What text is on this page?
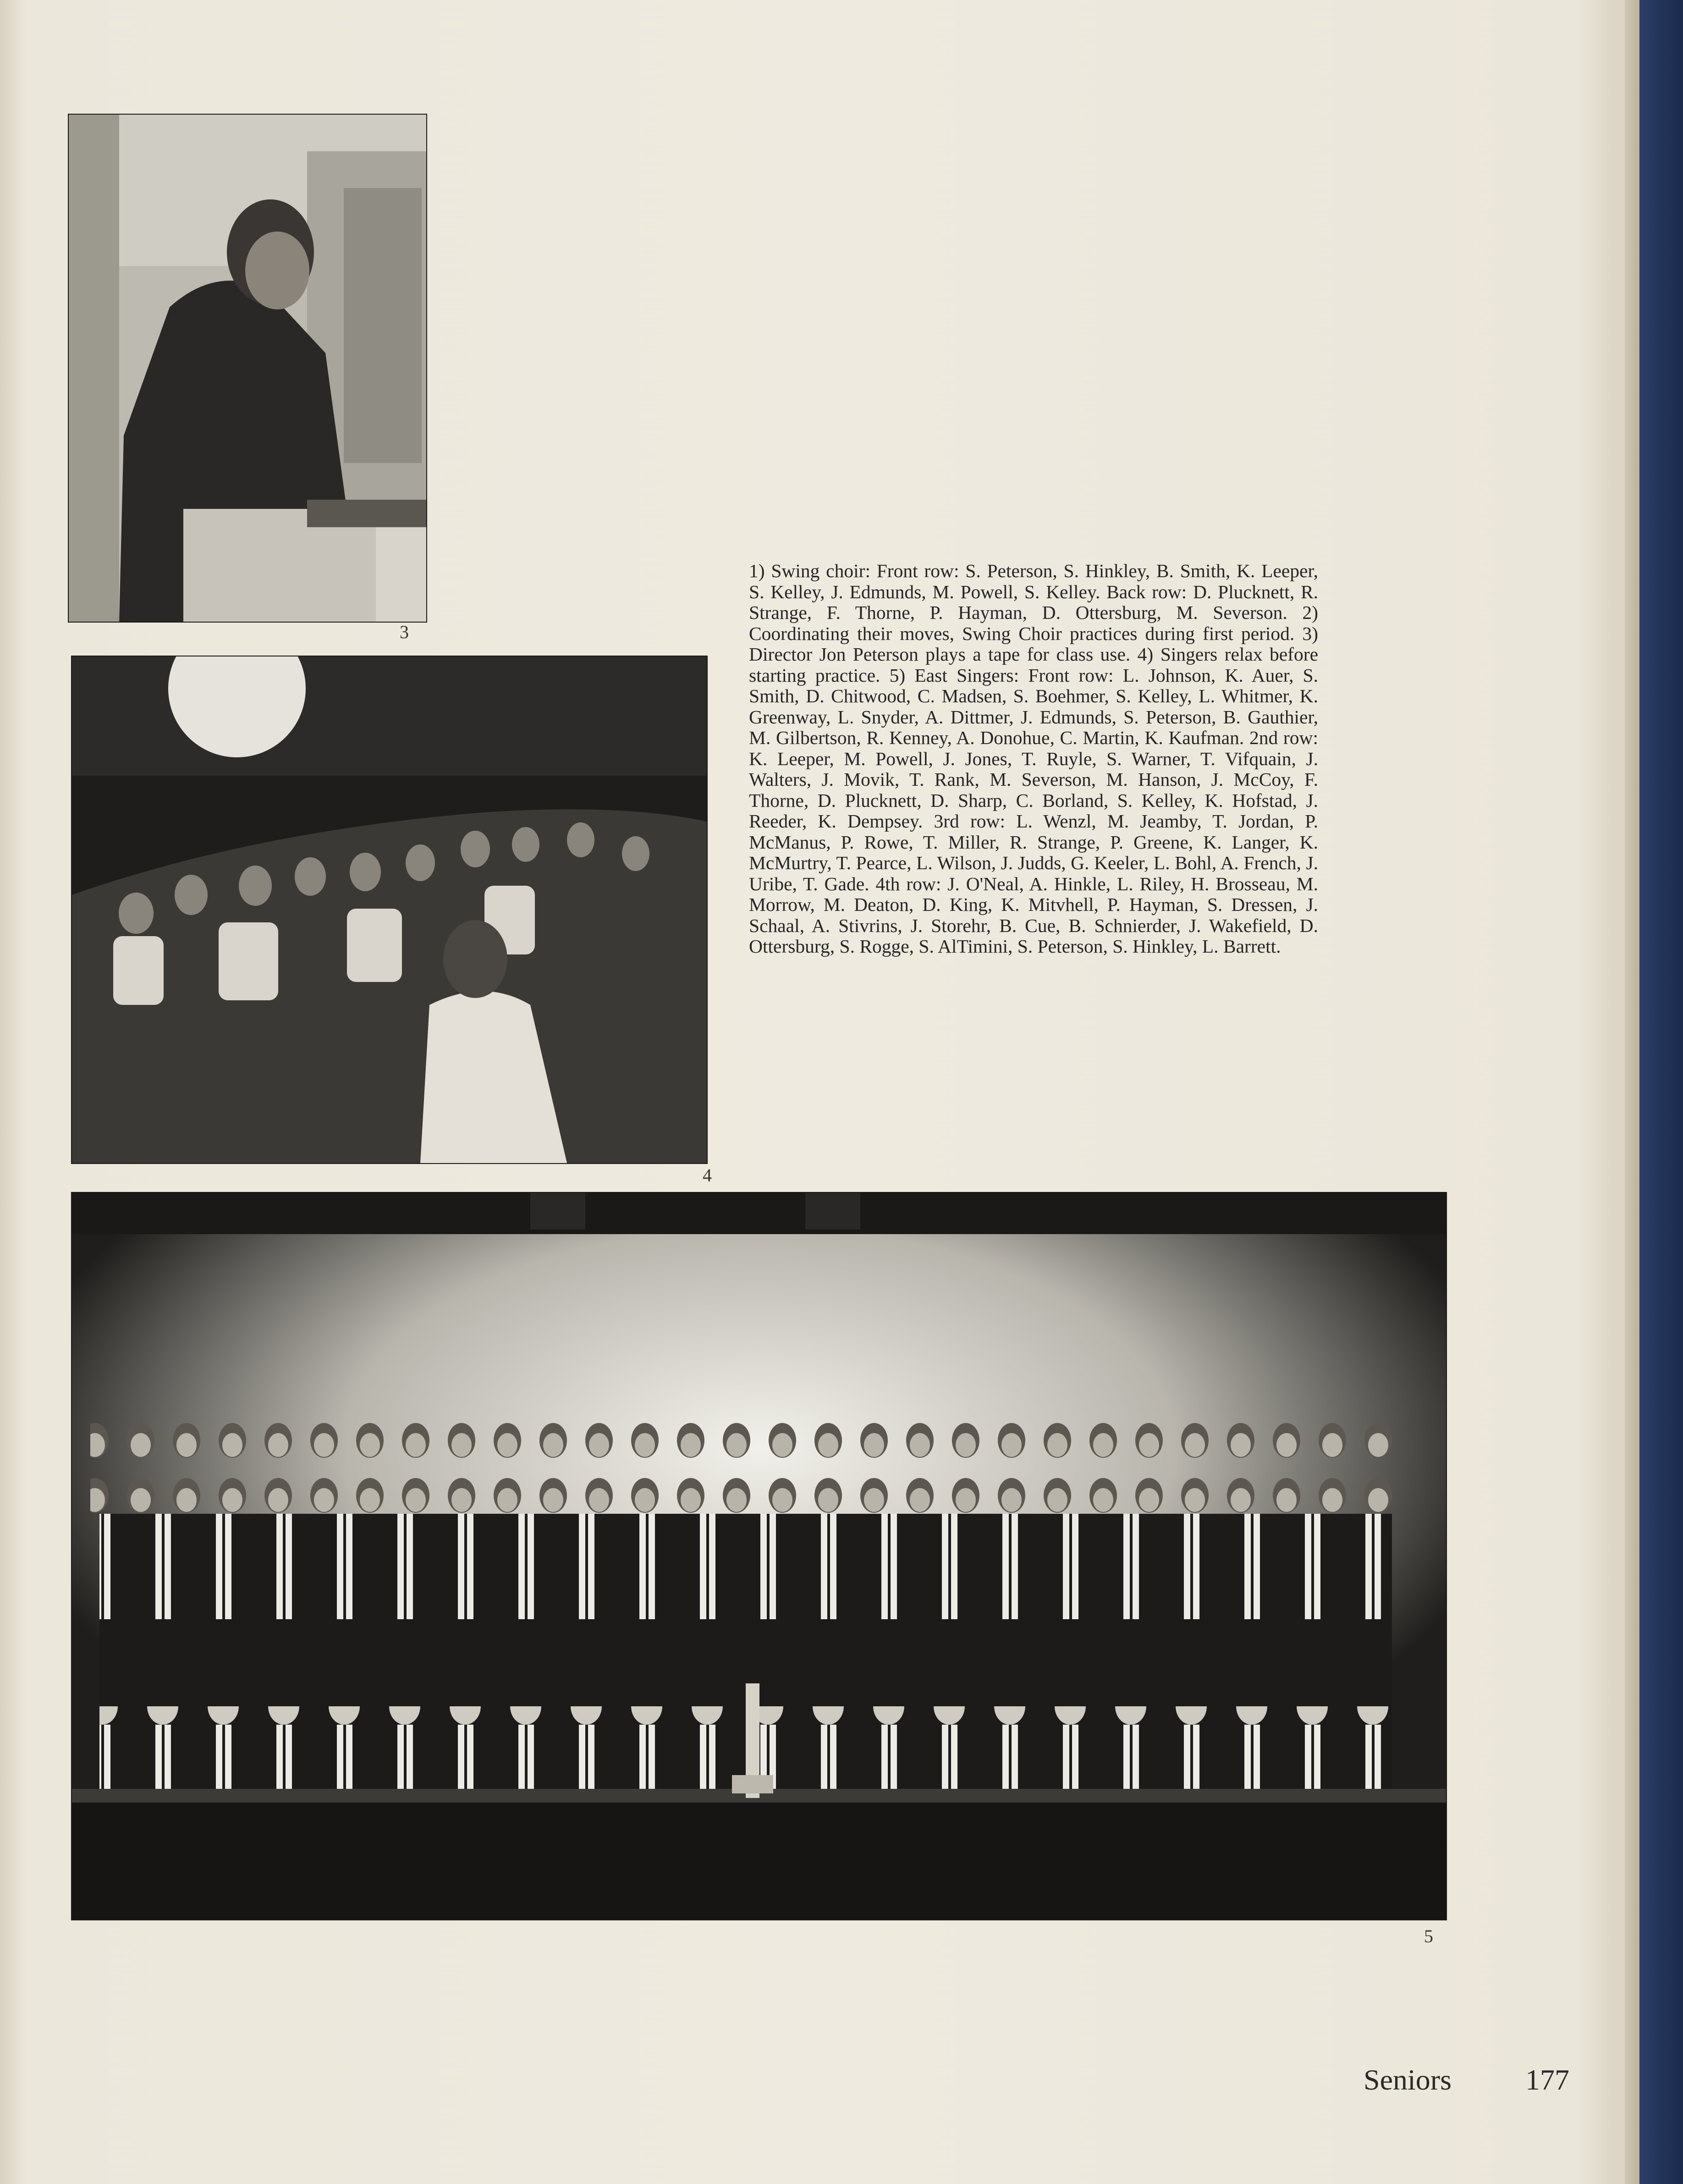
3
4
1) Swing choir: Front row: S. Peterson, S. Hinkley, B. Smith, K. Leeper, S. Kelley, J. Edmunds, M. Powell, S. Kelley. Back row: D. Plucknett, R. Strange, F. Thorne, P. Hayman, D. Ottersburg, M. Severson. 2) Coordinating their moves, Swing Choir practices during first period. 3) Director Jon Peterson plays a tape for class use. 4) Singers relax before starting practice. 5) East Singers: Front row: L. Johnson, K. Auer, S. Smith, D. Chitwood, C. Madsen, S. Boehmer, S. Kelley, L. Whitmer, K. Greenway, L. Snyder, A. Dittmer, J. Edmunds, S. Peterson, B. Gauthier, M. Gilbertson, R. Kenney, A. Donohue, C. Martin, K. Kaufman. 2nd row: K. Leeper, M. Powell, J. Jones, T. Ruyle, S. Warner, T. Vifquain, J. Walters, J. Movik, T. Rank, M. Severson, M. Hanson, J. McCoy, F. Thorne, D. Plucknett, D. Sharp, C. Borland, S. Kelley, K. Hofstad, J. Reeder, K. Dempsey. 3rd row: L. Wenzl, M. Jeamby, T. Jordan, P. McManus, P. Rowe, T. Miller, R. Strange, P. Greene, K. Langer, K. McMurtry, T. Pearce, L. Wilson, J. Judds, G. Keeler, L. Bohl, A. French, J. Uribe, T. Gade. 4th row: J. O'Neal, A. Hinkle, L. Riley, H. Brosseau, M. Morrow, M. Deaton, D. King, K. Mitvhell, P. Hayman, S. Dressen, J. Schaal, A. Stivrins, J. Storehr, B. Cue, B. Schnierder, J. Wakefield, D. Ottersburg, S. Rogge, S. AlTimini, S. Peterson, S. Hinkley, L. Barrett.
5
Seniors	177
